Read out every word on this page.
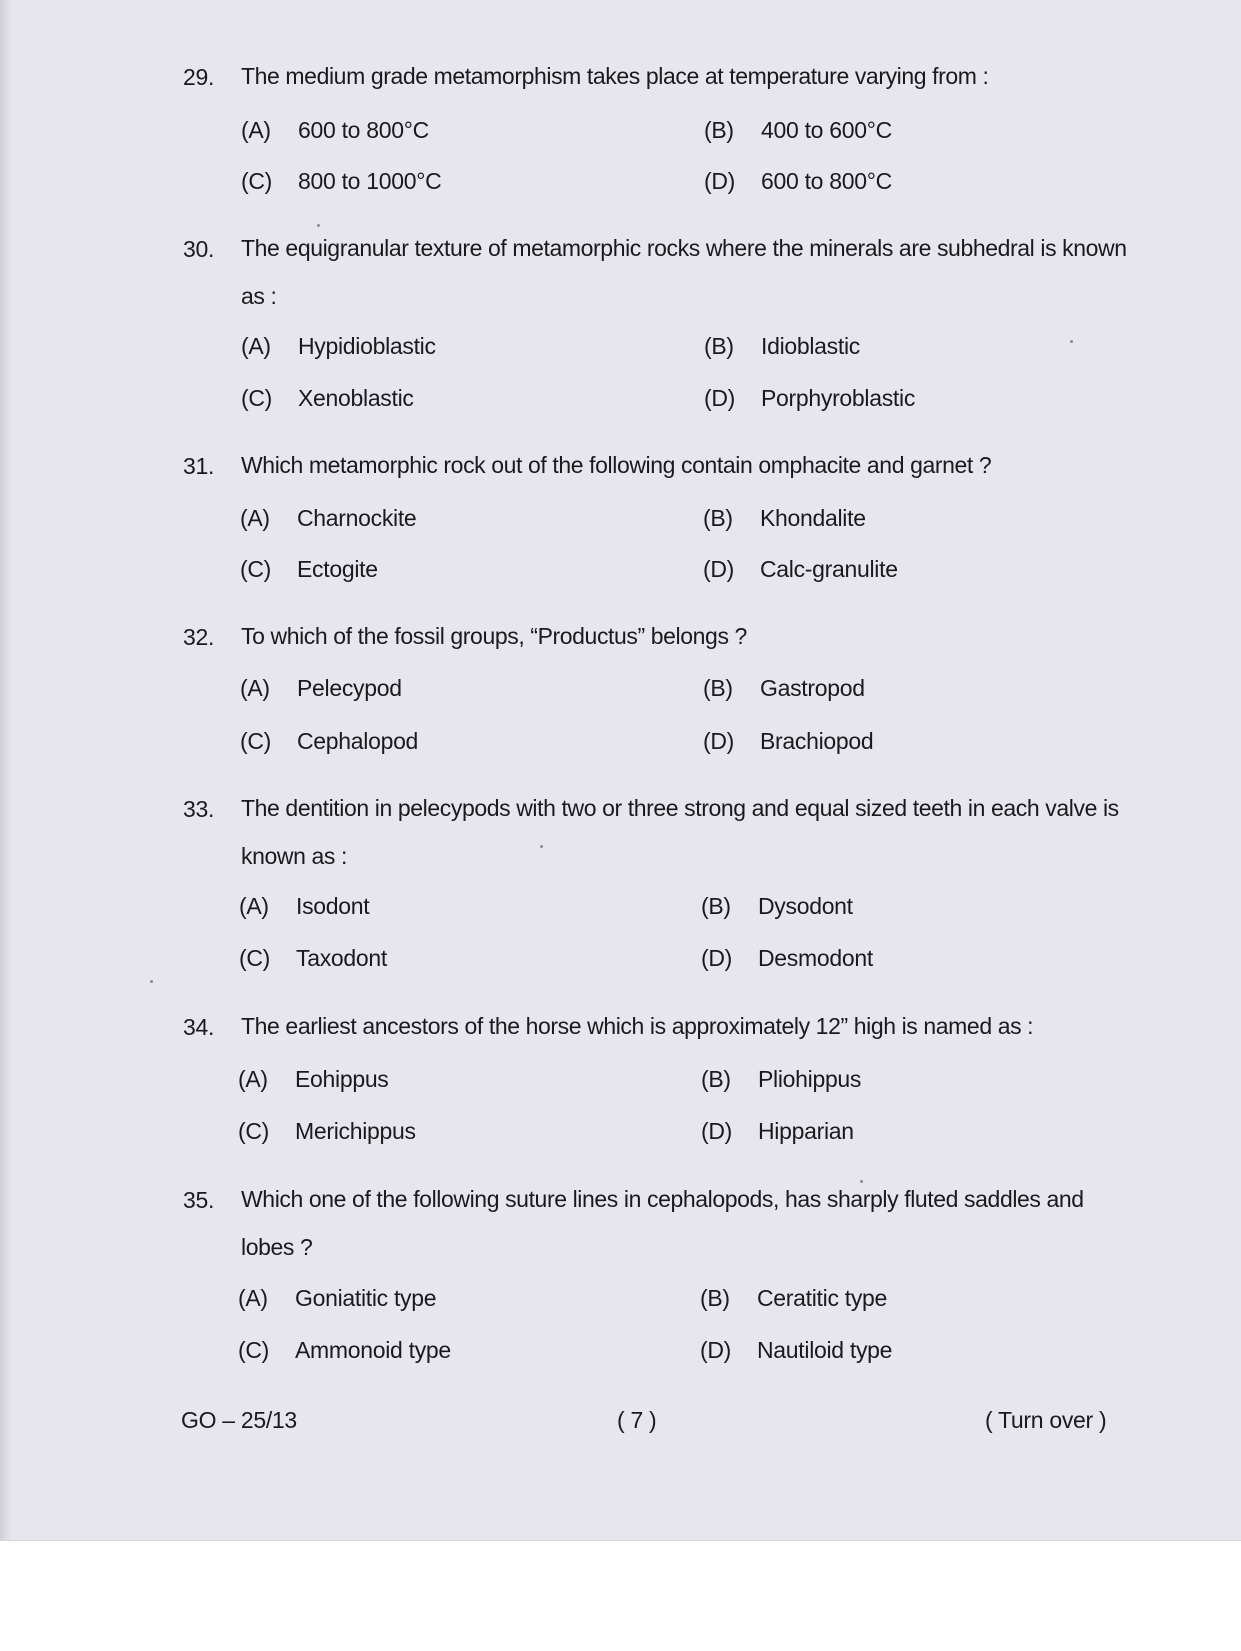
29. The medium grade metamorphism takes place at temperature varying from :
(A) 600 to 800°C	(B) 400 to 600°C
(C) 800 to 1000°C	(D) 600 to 800°C
30. The equigranular texture of metamorphic rocks where the minerals are subhedral is known as :
(A) Hypidioblastic	(B) Idioblastic
(C) Xenoblastic	(D) Porphyroblastic
31. Which metamorphic rock out of the following contain omphacite and garnet ?
(A) Charnockite	(B) Khondalite
(C) Ectogite	(D) Calc-granulite
32. To which of the fossil groups, “Productus” belongs ?
(A) Pelecypod	(B) Gastropod
(C) Cephalopod	(D) Brachiopod
33. The dentition in pelecypods with two or three strong and equal sized teeth in each valve is known as :
(A) Isodont	(B) Dysodont
(C) Taxodont	(D) Desmodont
34. The earliest ancestors of the horse which is approximately 12” high is named as :
(A) Eohippus	(B) Pliohippus
(C) Merichippus	(D) Hipparian
35. Which one of the following suture lines in cephalopods, has sharply fluted saddles and lobes ?
(A) Goniatitic type	(B) Ceratitic type
(C) Ammonoid type	(D) Nautiloid type
GO – 25/13	( 7 )	( Turn over )
